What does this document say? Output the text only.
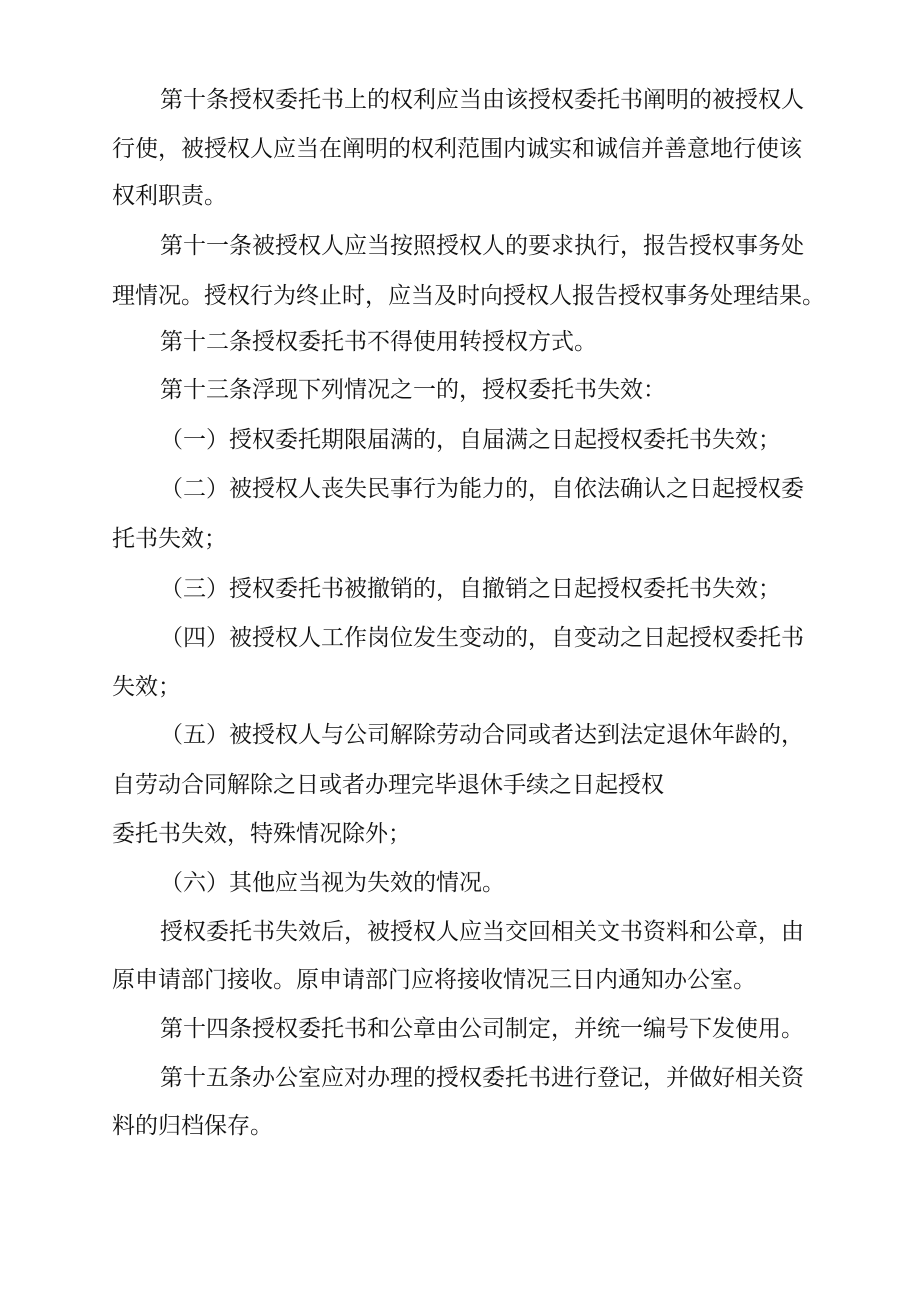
第十条授权委托书上的权利应当由该授权委托书阐明的被授权人
行使，被授权人应当在阐明的权利范围内诚实和诚信并善意地行使该
权利职责。
第十一条被授权人应当按照授权人的要求执行，报告授权事务处
理情况。授权行为终止时，应当及时向授权人报告授权事务处理结果。
第十二条授权委托书不得使用转授权方式。
第十三条浮现下列情况之一的，授权委托书失效：
（一）授权委托期限届满的，自届满之日起授权委托书失效；
（二）被授权人丧失民事行为能力的，自依法确认之日起授权委
托书失效；
（三）授权委托书被撤销的，自撤销之日起授权委托书失效；
（四）被授权人工作岗位发生变动的，自变动之日起授权委托书
失效；
（五）被授权人与公司解除劳动合同或者达到法定退休年龄的，
自劳动合同解除之日或者办理完毕退休手续之日起授权
委托书失效，特殊情况除外；
（六）其他应当视为失效的情况。
授权委托书失效后，被授权人应当交回相关文书资料和公章，由
原申请部门接收。原申请部门应将接收情况三日内通知办公室。
第十四条授权委托书和公章由公司制定，并统一编号下发使用。
第十五条办公室应对办理的授权委托书进行登记，并做好相关资
料的归档保存。
